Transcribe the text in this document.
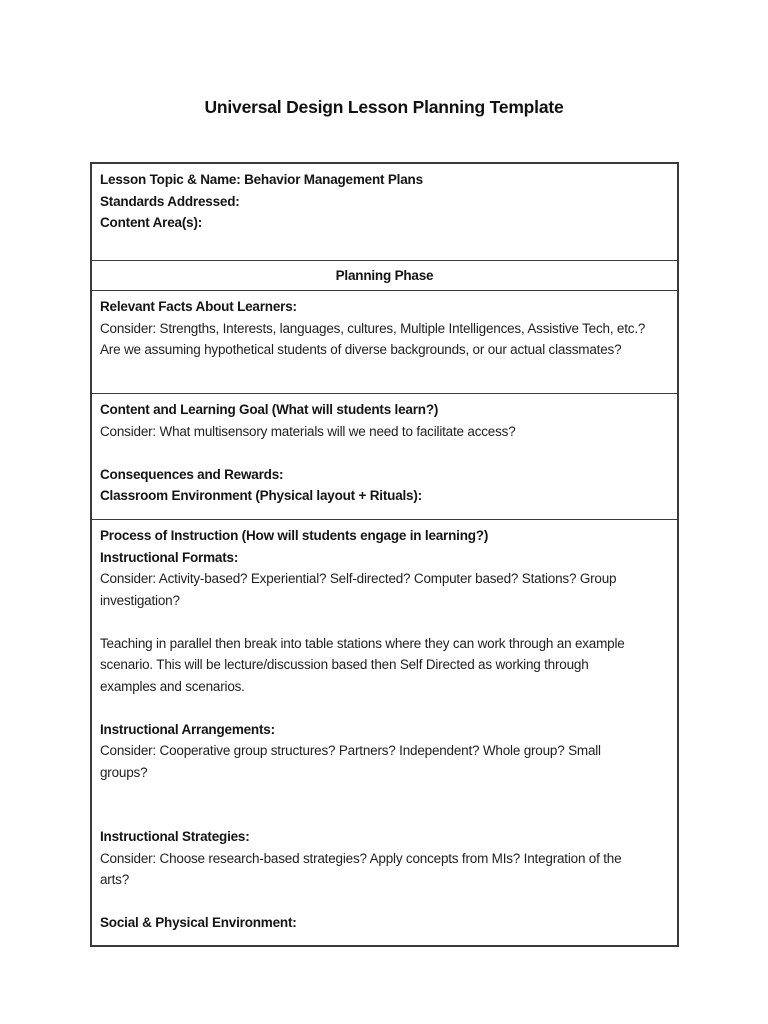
Universal Design Lesson Planning Template
Lesson Topic & Name: Behavior Management Plans
Standards Addressed:
Content Area(s):

Planning Phase
Relevant Facts About Learners:
Consider: Strengths, Interests, languages, cultures, Multiple Intelligences, Assistive Tech, etc.?
Are we assuming hypothetical students of diverse backgrounds, or our actual classmates?

Content and Learning Goal (What will students learn?)
Consider: What multisensory materials will we need to facilitate access?

Consequences and Rewards:
Classroom Environment (Physical layout + Rituals):
Process of Instruction (How will students engage in learning?)
Instructional Formats:
Consider: Activity-based? Experiential? Self-directed? Computer based? Stations? Group
investigation?

Teaching in parallel then break into table stations where they can work through an example
scenario. This will be lecture/discussion based then Self Directed as working through
examples and scenarios.

Instructional Arrangements:
Consider: Cooperative group structures? Partners? Independent? Whole group? Small
groups?

Instructional Strategies:
Consider: Choose research-based strategies? Apply concepts from MIs? Integration of the
arts?

Social & Physical Environment:
